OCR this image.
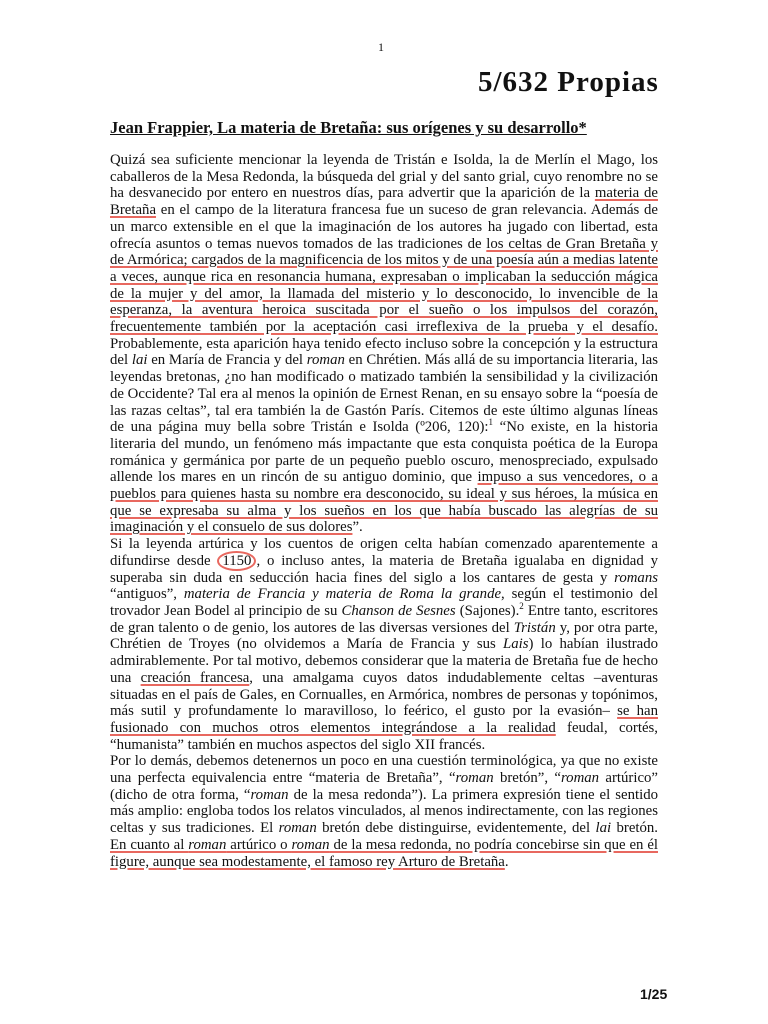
1
5/632 Propias
Jean Frappier, La materia de Bretaña: sus orígenes y su desarrollo*

Quizá sea suficiente mencionar la leyenda de Tristán e Isolda, la de Merlín el Mago, los caballeros de la Mesa Redonda, la búsqueda del grial y del santo grial, cuyo renombre no se ha desvanecido por entero en nuestros días, para advertir que la aparición de la materia de Bretaña en el campo de la literatura francesa fue un suceso de gran relevancia. Además de un marco extensible en el que la imaginación de los autores ha jugado con libertad, esta ofrecía asuntos o temas nuevos tomados de las tradiciones de los celtas de Gran Bretaña y de Armórica; cargados de la magnificencia de los mitos y de una poesía aún a medias latente a veces, aunque rica en resonancia humana, expresaban o implicaban la seducción mágica de la mujer y del amor, la llamada del misterio y lo desconocido, lo invencible de la esperanza, la aventura heroica suscitada por el sueño o los impulsos del corazón, frecuentemente también por la aceptación casi irreflexiva de la prueba y el desafío. Probablemente, esta aparición haya tenido efecto incluso sobre la concepción y la estructura del lai en María de Francia y del roman en Chrétien. Más allá de su importancia literaria, las leyendas bretonas, ¿no han modificado o matizado también la sensibilidad y la civilización de Occidente? Tal era al menos la opinión de Ernest Renan, en su ensayo sobre la “poesía de las razas celtas”, tal era también la de Gastón París. Citemos de este último algunas líneas de una página muy bella sobre Tristán e Isolda (º206, 120):$^1$ “No existe, en la historia literaria del mundo, un fenómeno más impactante que esta conquista poética de la Europa románica y germánica por parte de un pequeño pueblo oscuro, menospreciado, expulsado allende los mares en un rincón de su antiguo dominio, que impuso a sus vencedores, o a pueblos para quienes hasta su nombre era desconocido, su ideal y sus héroes, la música en que se expresaba su alma y los sueños en los que había buscado las alegrías de su imaginación y el consuelo de sus dolores”.

Si la leyenda artúrica y los cuentos de origen celta habían comenzado aparentemente a difundirse desde 1150 , o incluso antes, la materia de Bretaña igualaba en dignidad y superaba sin duda en seducción hacia fines del siglo a los cantares de gesta y romans “antiguos”, materia de Francia y materia de Roma la grande, según el testimonio del trovador Jean Bodel al principio de su Chanson de Sesnes (Sajones).$^2$ Entre tanto, escritores de gran talento o de genio, los autores de las diversas versiones del Tristán y, por otra parte, Chrétien de Troyes (no olvidemos a María de Francia y sus Lais) lo habían ilustrado admirablemente. Por tal motivo, debemos considerar que la materia de Bretaña fue de hecho una creación francesa, una amalgama cuyos datos indudablemente celtas –aventuras situadas en el país de Gales, en Cornualles, en Armórica, nombres de personas y topónimos, más sutil y profundamente lo maravilloso, lo feérico, el gusto por la evasión– se han fusionado con muchos otros elementos integrándose a la realidad feudal, cortés, “humanista” también en muchos aspectos del siglo XII francés.

Por lo demás, debemos detenernos un poco en una cuestión terminológica, ya que no existe una perfecta equivalencia entre “materia de Bretaña”, “roman bretón”, “roman artúrico” (dicho de otra forma, “roman de la mesa redonda”). La primera expresión tiene el sentido más amplio: engloba todos los relatos vinculados, al menos indirectamente, con las regiones celtas y sus tradiciones. El roman bretón debe distinguirse, evidentemente, del lai bretón. En cuanto al roman artúrico o roman de la mesa redonda, no podría concebirse sin que en él figure, aunque sea modestamente, el famoso rey Arturo de Bretaña.

1/25
